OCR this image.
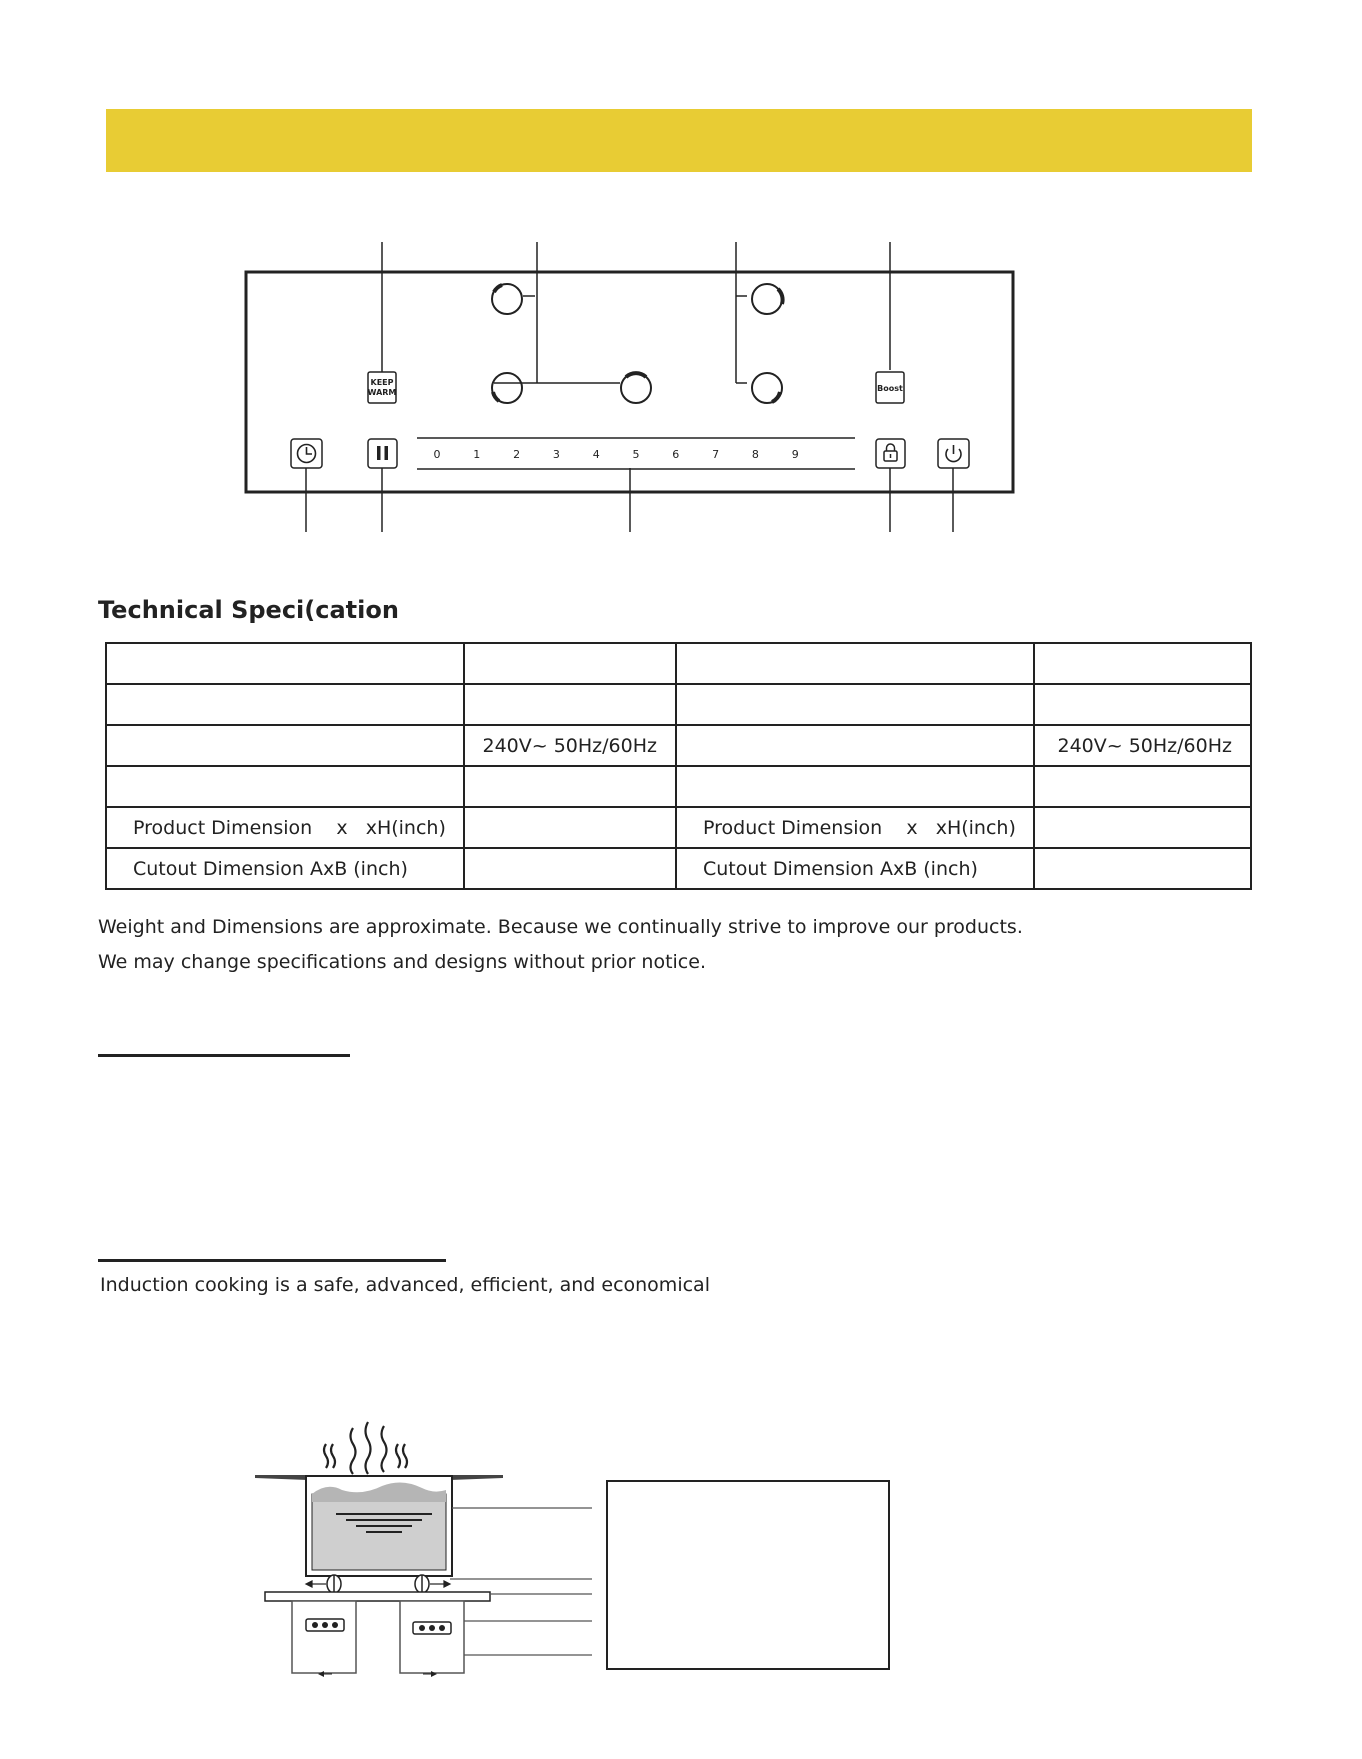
KEEP
WARM	Boost
0	1	2	3	4	5	6	7	8	9
Technical Speci(cation

	240V~ 50Hz/60Hz		240V~ 50Hz/60Hz

Product Dimension    x   xH(inch)		Product Dimension    x   xH(inch)	
Cutout Dimension AxB (inch)		Cutout Dimension AxB (inch)	

Weight and Dimensions are approximate. Because we continually strive to improve our products.

We may change specifications and designs without prior notice.

Induction cooking is a safe, advanced, efficient, and economical
